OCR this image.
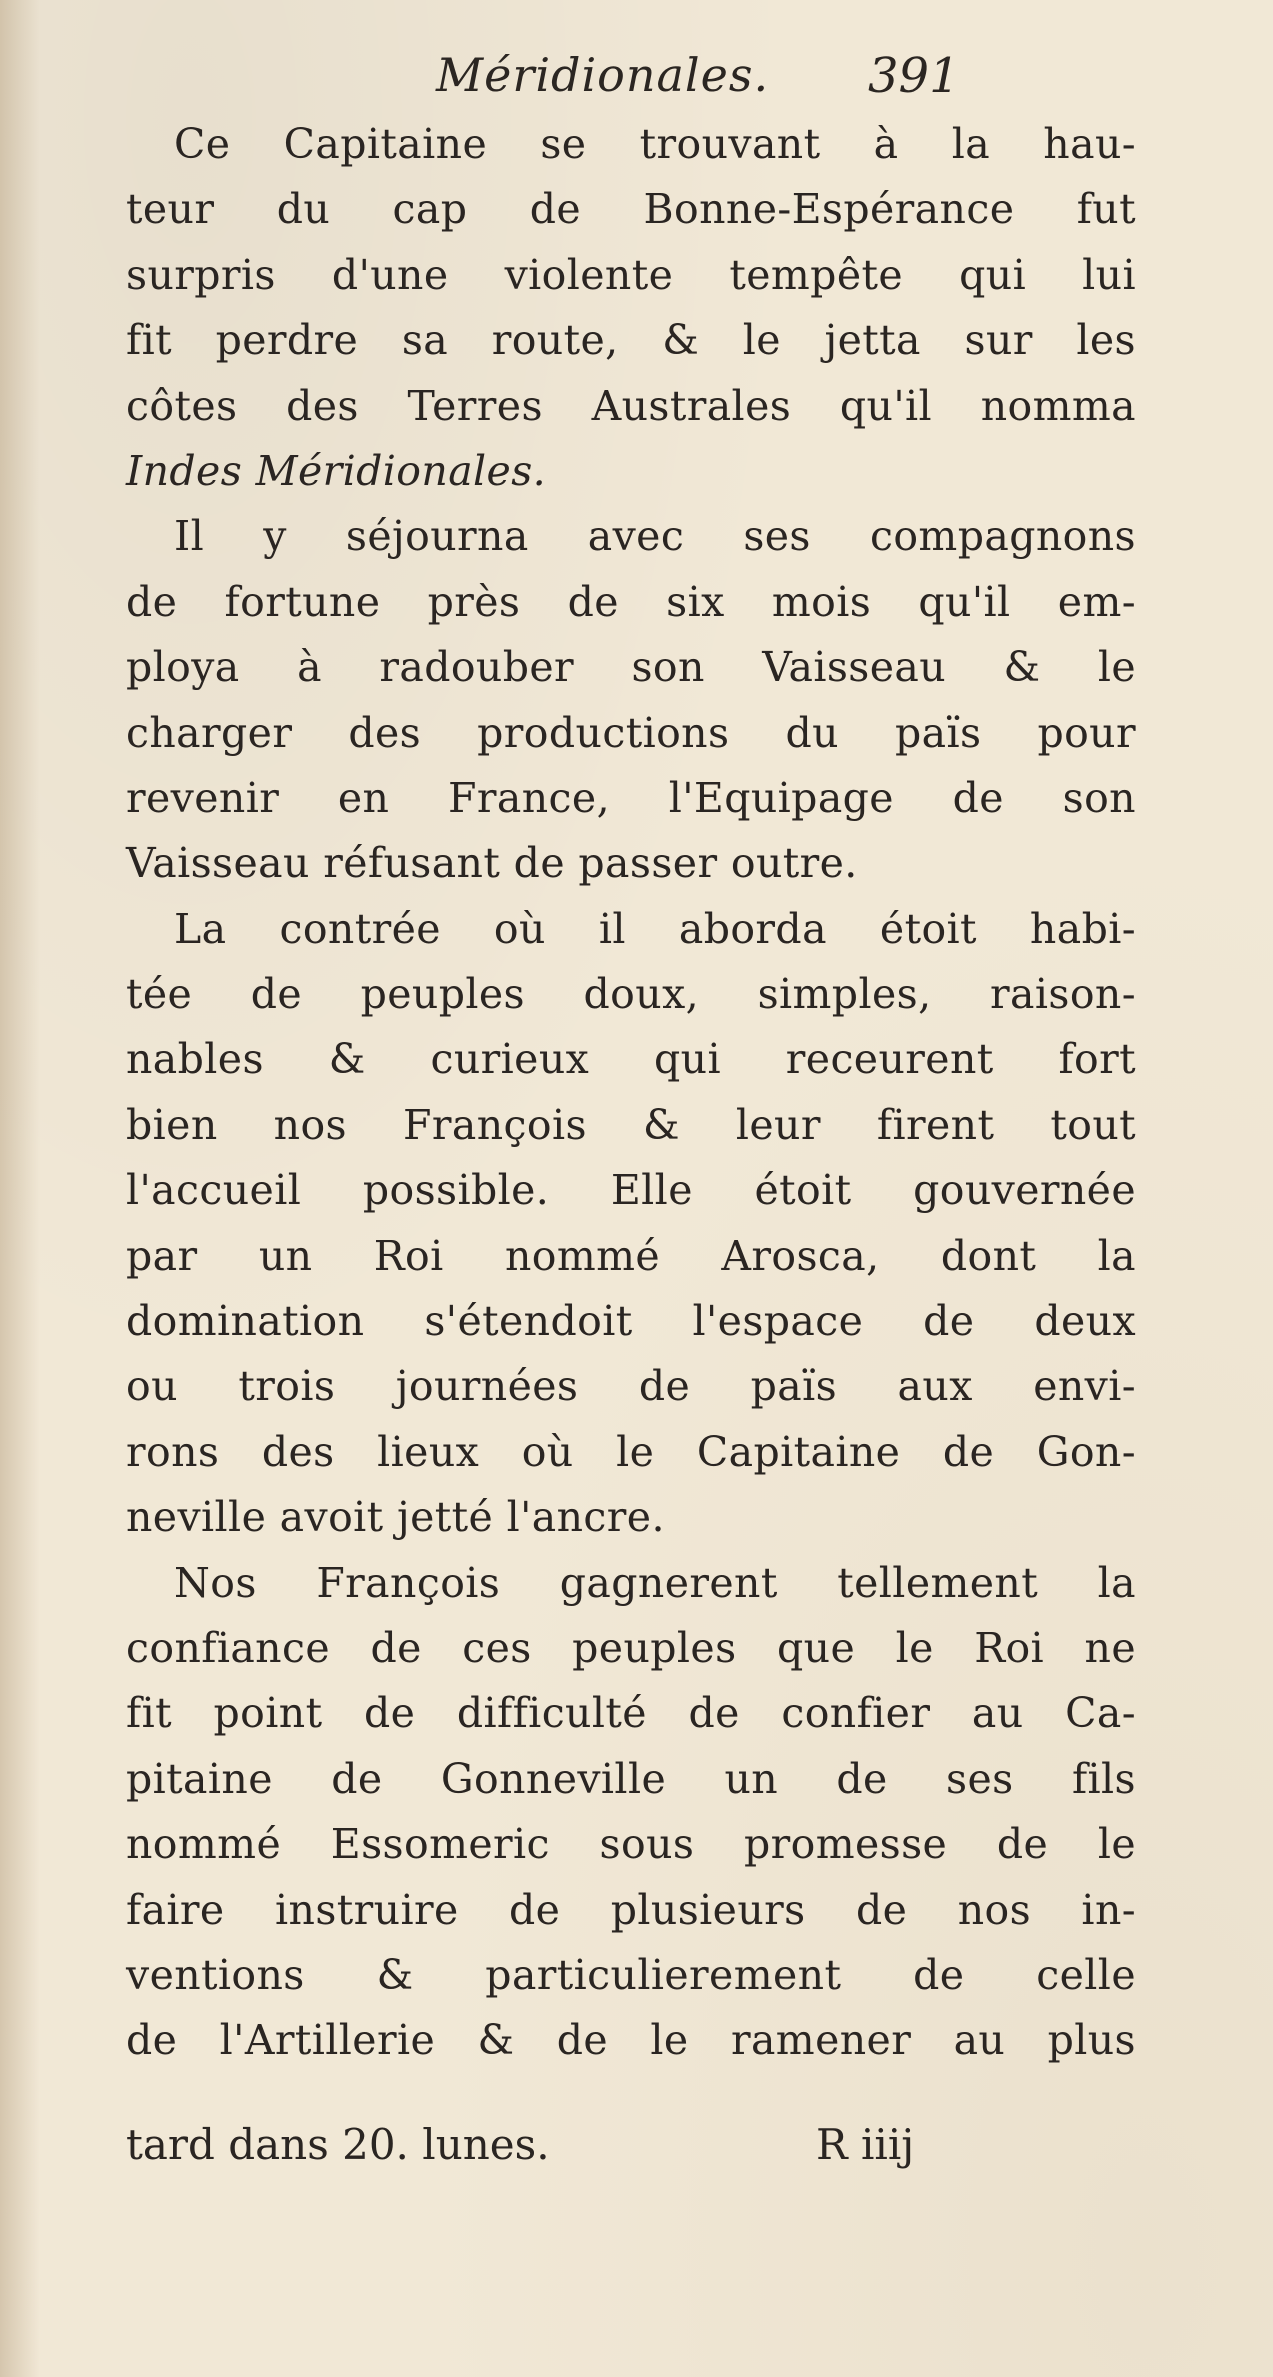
Méridionales. 391
Ce Capitaine se trouvant à la hau-
teur du cap de Bonne-Espérance fut
surpris d'une violente tempête qui lui
fit perdre sa route, & le jetta sur les
côtes des Terres Australes qu'il nomma
Indes Méridionales.
Il y séjourna avec ses compagnons
de fortune près de six mois qu'il em-
ploya à radouber son Vaisseau & le
charger des productions du païs pour
revenir en France, l'Equipage de son
Vaisseau réfusant de passer outre.
La contrée où il aborda étoit habi-
tée de peuples doux, simples, raison-
nables & curieux qui receurent fort
bien nos François & leur firent tout
l'accueil possible. Elle étoit gouvernée
par un Roi nommé Arosca, dont la
domination s'étendoit l'espace de deux
ou trois journées de païs aux envi-
rons des lieux où le Capitaine de Gon-
neville avoit jetté l'ancre.
Nos François gagnerent tellement la
confiance de ces peuples que le Roi ne
fit point de difficulté de confier au Ca-
pitaine de Gonneville un de ses fils
nommé Essomeric sous promesse de le
faire instruire de plusieurs de nos in-
ventions & particulierement de celle
de l'Artillerie & de le ramener au plus
tard dans 20. lunes.	R iiij
